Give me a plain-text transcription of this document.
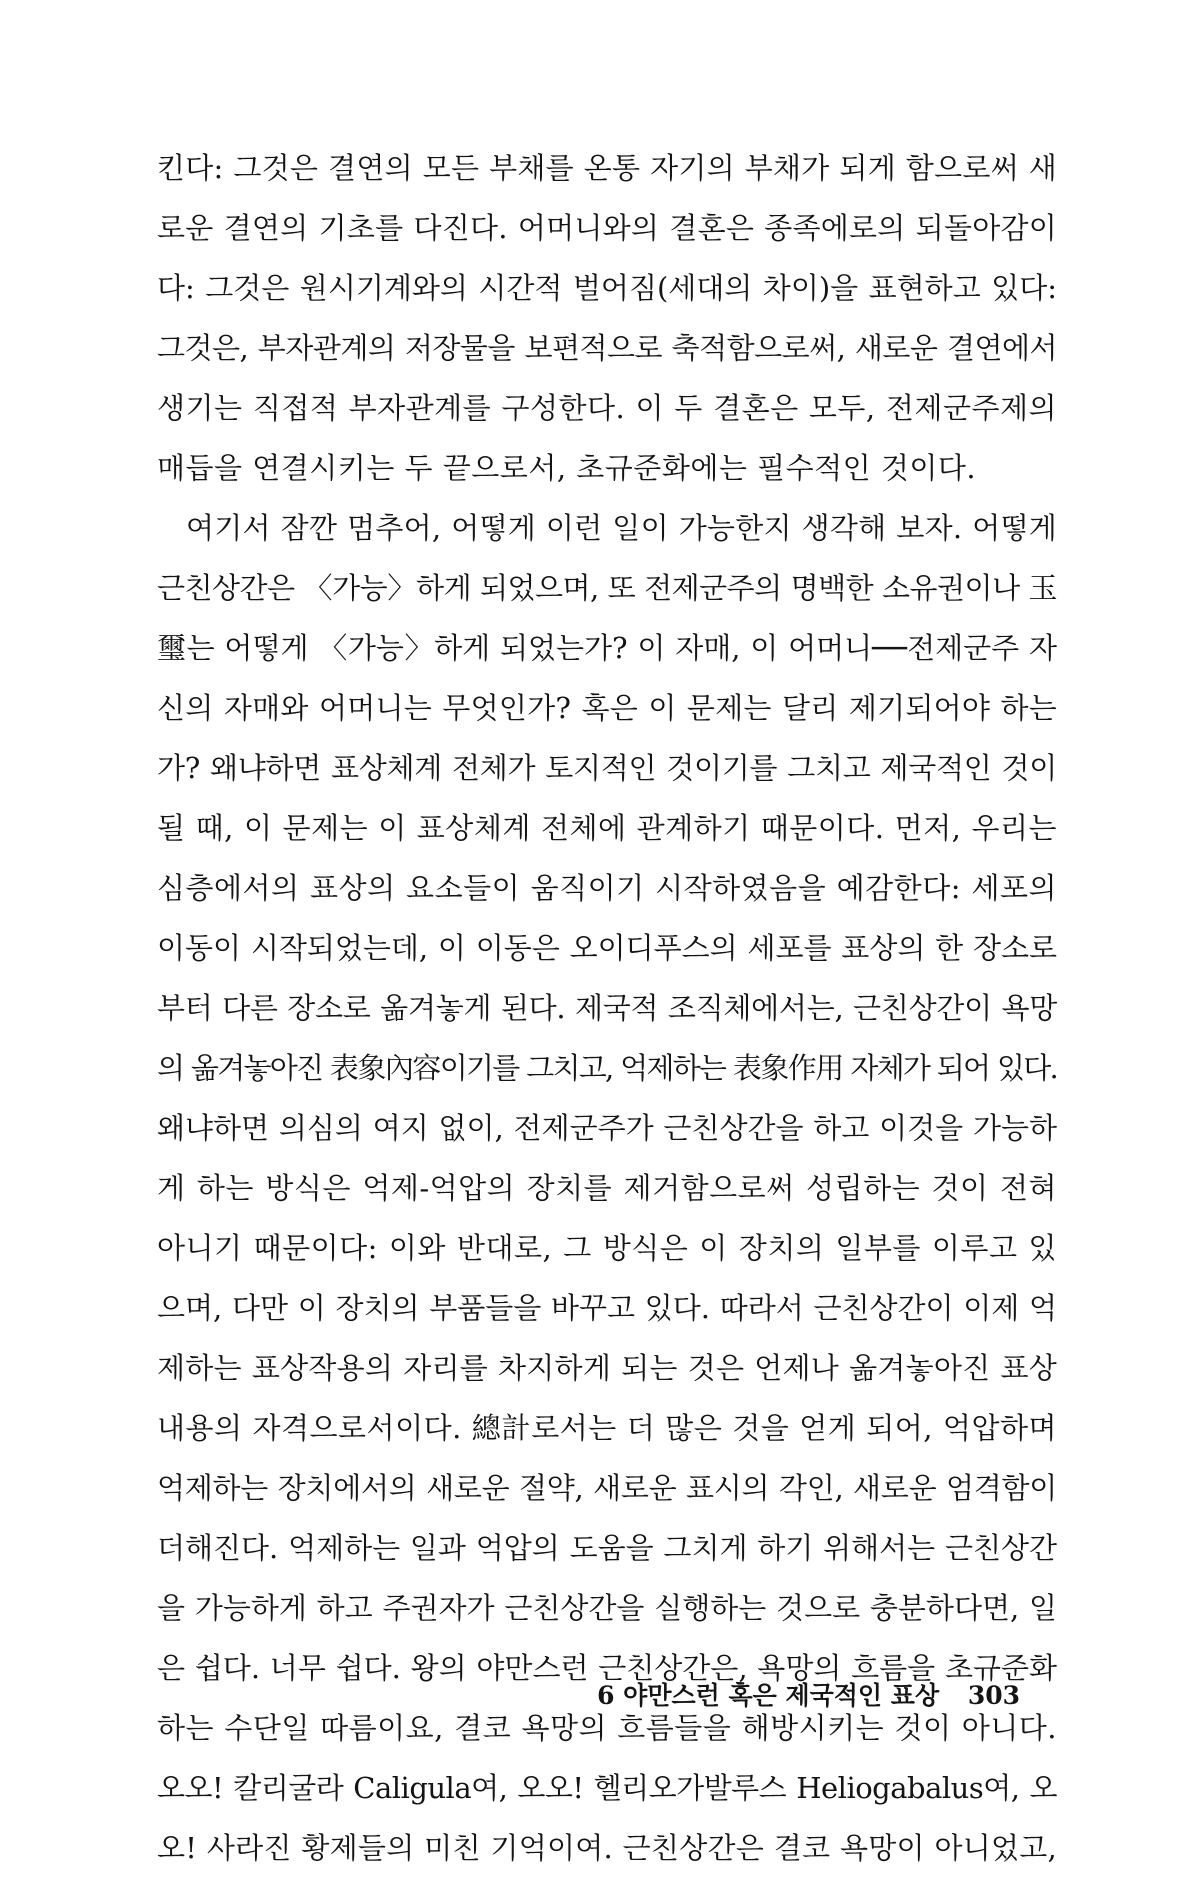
킨다: 그것은 결연의 모든 부채를 온통 자기의 부채가 되게 함으로써 새
로운 결연의 기초를 다진다. 어머니와의 결혼은 종족에로의 되돌아감이
다: 그것은 원시기계와의 시간적 벌어짐(세대의 차이)을 표현하고 있다:
그것은, 부자관계의 저장물을 보편적으로 축적함으로써, 새로운 결연에서
생기는 직접적 부자관계를 구성한다. 이 두 결혼은 모두, 전제군주제의
매듭을 연결시키는 두 끝으로서, 초규준화에는 필수적인 것이다.
여기서 잠깐 멈추어, 어떻게 이런 일이 가능한지 생각해 보자. 어떻게
근친상간은 〈가능〉하게 되었으며, 또 전제군주의 명백한 소유권이나 玉
璽는 어떻게 〈가능〉하게 되었는가? 이 자매, 이 어머니──전제군주 자
신의 자매와 어머니는 무엇인가? 혹은 이 문제는 달리 제기되어야 하는
가? 왜냐하면 표상체계 전체가 토지적인 것이기를 그치고 제국적인 것이
될 때, 이 문제는 이 표상체계 전체에 관계하기 때문이다. 먼저, 우리는
심층에서의 표상의 요소들이 움직이기 시작하였음을 예감한다: 세포의
이동이 시작되었는데, 이 이동은 오이디푸스의 세포를 표상의 한 장소로
부터 다른 장소로 옮겨놓게 된다. 제국적 조직체에서는, 근친상간이 욕망
의 옮겨놓아진 表象內容이기를 그치고, 억제하는 表象作用 자체가 되어 있다.
왜냐하면 의심의 여지 없이, 전제군주가 근친상간을 하고 이것을 가능하
게 하는 방식은 억제-억압의 장치를 제거함으로써 성립하는 것이 전혀
아니기 때문이다: 이와 반대로, 그 방식은 이 장치의 일부를 이루고 있
으며, 다만 이 장치의 부품들을 바꾸고 있다. 따라서 근친상간이 이제 억
제하는 표상작용의 자리를 차지하게 되는 것은 언제나 옮겨놓아진 표상
내용의 자격으로서이다. 總計로서는 더 많은 것을 얻게 되어, 억압하며
억제하는 장치에서의 새로운 절약, 새로운 표시의 각인, 새로운 엄격함이
더해진다. 억제하는 일과 억압의 도움을 그치게 하기 위해서는 근친상간
을 가능하게 하고 주권자가 근친상간을 실행하는 것으로 충분하다면, 일
은 쉽다. 너무 쉽다. 왕의 야만스런 근친상간은, 욕망의 흐름을 초규준화
하는 수단일 따름이요, 결코 욕망의 흐름들을 해방시키는 것이 아니다.
오오! 칼리굴라 Caligula여, 오오! 헬리오가발루스 Heliogabalus여, 오
오! 사라진 황제들의 미친 기억이여. 근친상간은 결코 욕망이 아니었고,
6 야만스런 혹은 제국적인 표상 303
